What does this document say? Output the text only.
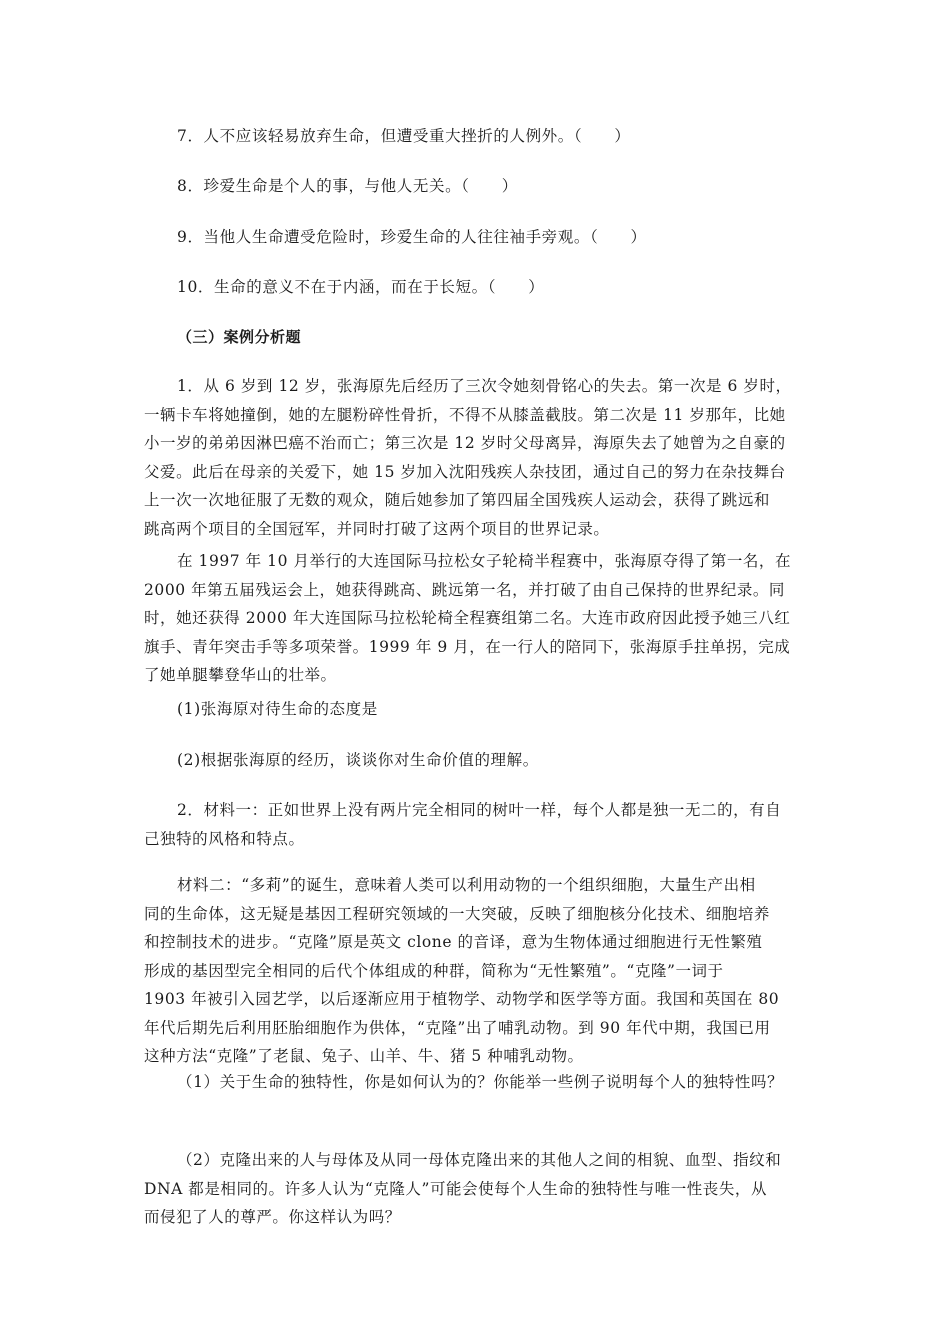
7．人不应该轻易放弃生命，但遭受重大挫折的人例外。（　　）
8．珍爱生命是个人的事，与他人无关。（　　）
9．当他人生命遭受危险时，珍爱生命的人往往袖手旁观。（　　）
10．生命的意义不在于内涵，而在于长短。（　　）
（三）案例分析题
1．从 6 岁到 12 岁，张海原先后经历了三次令她刻骨铭心的失去。第一次是 6 岁时，
一辆卡车将她撞倒，她的左腿粉碎性骨折，不得不从膝盖截肢。第二次是 11 岁那年，比她
小一岁的弟弟因淋巴癌不治而亡；第三次是 12 岁时父母离异，海原失去了她曾为之自豪的
父爱。此后在母亲的关爱下，她 15 岁加入沈阳残疾人杂技团，通过自己的努力在杂技舞台
上一次一次地征服了无数的观众，随后她参加了第四届全国残疾人运动会，获得了跳远和
跳高两个项目的全国冠军，并同时打破了这两个项目的世界记录。
在 1997 年 10 月举行的大连国际马拉松女子轮椅半程赛中，张海原夺得了第一名，在
2000 年第五届残运会上，她获得跳高、跳远第一名，并打破了由自己保持的世界纪录。同
时，她还获得 2000 年大连国际马拉松轮椅全程赛组第二名。大连市政府因此授予她三八红
旗手、青年突击手等多项荣誉。1999 年 9 月，在一行人的陪同下，张海原手拄单拐，完成
了她单腿攀登华山的壮举。
(1)张海原对待生命的态度是
(2)根据张海原的经历，谈谈你对生命价值的理解。
2．材料一：正如世界上没有两片完全相同的树叶一样，每个人都是独一无二的，有自
己独特的风格和特点。
材料二：“多莉”的诞生，意味着人类可以利用动物的一个组织细胞，大量生产出相
同的生命体，这无疑是基因工程研究领域的一大突破，反映了细胞核分化技术、细胞培养
和控制技术的进步。“克隆”原是英文 clone 的音译，意为生物体通过细胞进行无性繁殖
形成的基因型完全相同的后代个体组成的种群，简称为“无性繁殖”。“克隆”一词于
1903 年被引入园艺学，以后逐渐应用于植物学、动物学和医学等方面。我国和英国在 80
年代后期先后利用胚胎细胞作为供体，“克隆”出了哺乳动物。到 90 年代中期，我国已用
这种方法“克隆”了老鼠、兔子、山羊、牛、猪 5 种哺乳动物。
（1）关于生命的独特性，你是如何认为的？你能举一些例子说明每个人的独特性吗？
（2）克隆出来的人与母体及从同一母体克隆出来的其他人之间的相貌、血型、指纹和
DNA 都是相同的。许多人认为“克隆人”可能会使每个人生命的独特性与唯一性丧失，从
而侵犯了人的尊严。你这样认为吗？
